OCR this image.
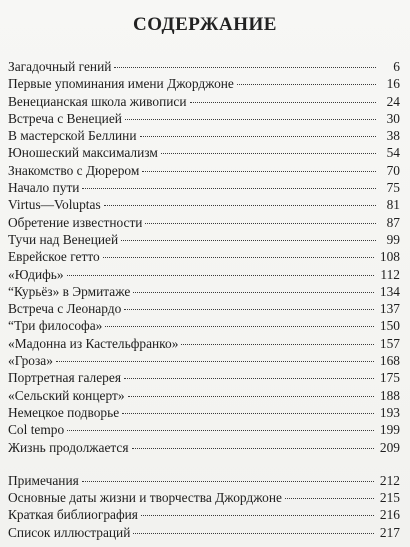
СОДЕРЖАНИЕ
Загадочный гений	6
Первые упоминания имени Джорджоне	16
Венецианская школа живописи	24
Встреча с Венецией	30
В мастерской Беллини	38
Юношеский максимализм	54
Знакомство с Дюрером	70
Начало пути	75
Virtus—Voluptas	81
Обретение известности	87
Тучи над Венецией	99
Еврейское гетто	108
«Юдифь»	112
“Курьёз» в Эрмитаже	134
Встреча с Леонардо	137
“Три философа»	150
«Мадонна из Кастельфранко»	157
«Гроза»	168
Портретная галерея	175
«Сельский концерт»	188
Немецкое подворье	193
Col tempo	199
Жизнь продолжается	209
Примечания	212
Основные даты жизни и творчества Джорджоне	215
Краткая библиография	216
Список иллюстраций	217
